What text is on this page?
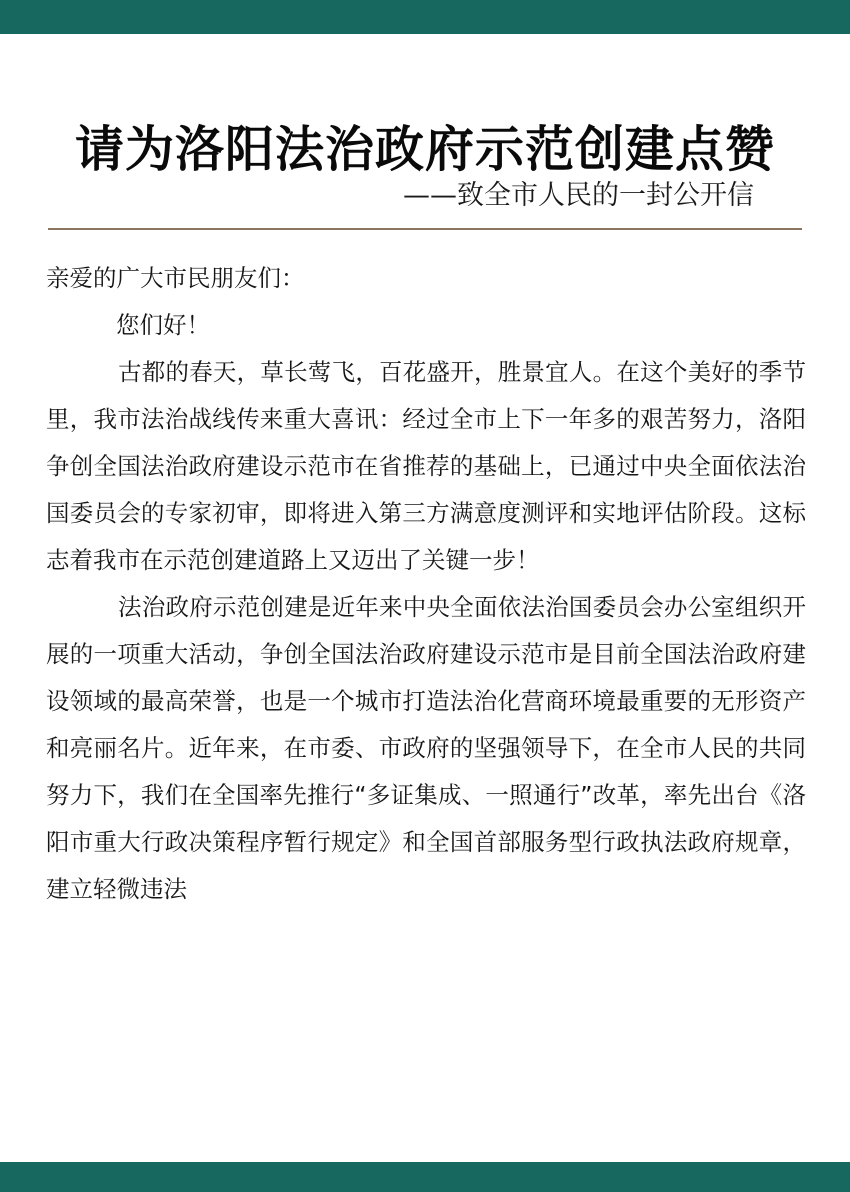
请为洛阳法治政府示范创建点赞
——致全市人民的一封公开信

亲爱的广大市民朋友们：

您们好！

古都的春天，草长莺飞，百花盛开，胜景宜人。在这个美好的季节里，我市法治战线传来重大喜讯：经过全市上下一年多的艰苦努力，洛阳争创全国法治政府建设示范市在省推荐的基础上，已通过中央全面依法治国委员会的专家初审，即将进入第三方满意度测评和实地评估阶段。这标志着我市在示范创建道路上又迈出了关键一步！

法治政府示范创建是近年来中央全面依法治国委员会办公室组织开展的一项重大活动，争创全国法治政府建设示范市是目前全国法治政府建设领域的最高荣誉，也是一个城市打造法治化营商环境最重要的无形资产和亮丽名片。近年来，在市委、市政府的坚强领导下，在全市人民的共同努力下，我们在全国率先推行“多证集成、一照通行”改革，率先出台《洛阳市重大行政决策程序暂行规定》和全国首部服务型行政执法政府规章，建立轻微违法
